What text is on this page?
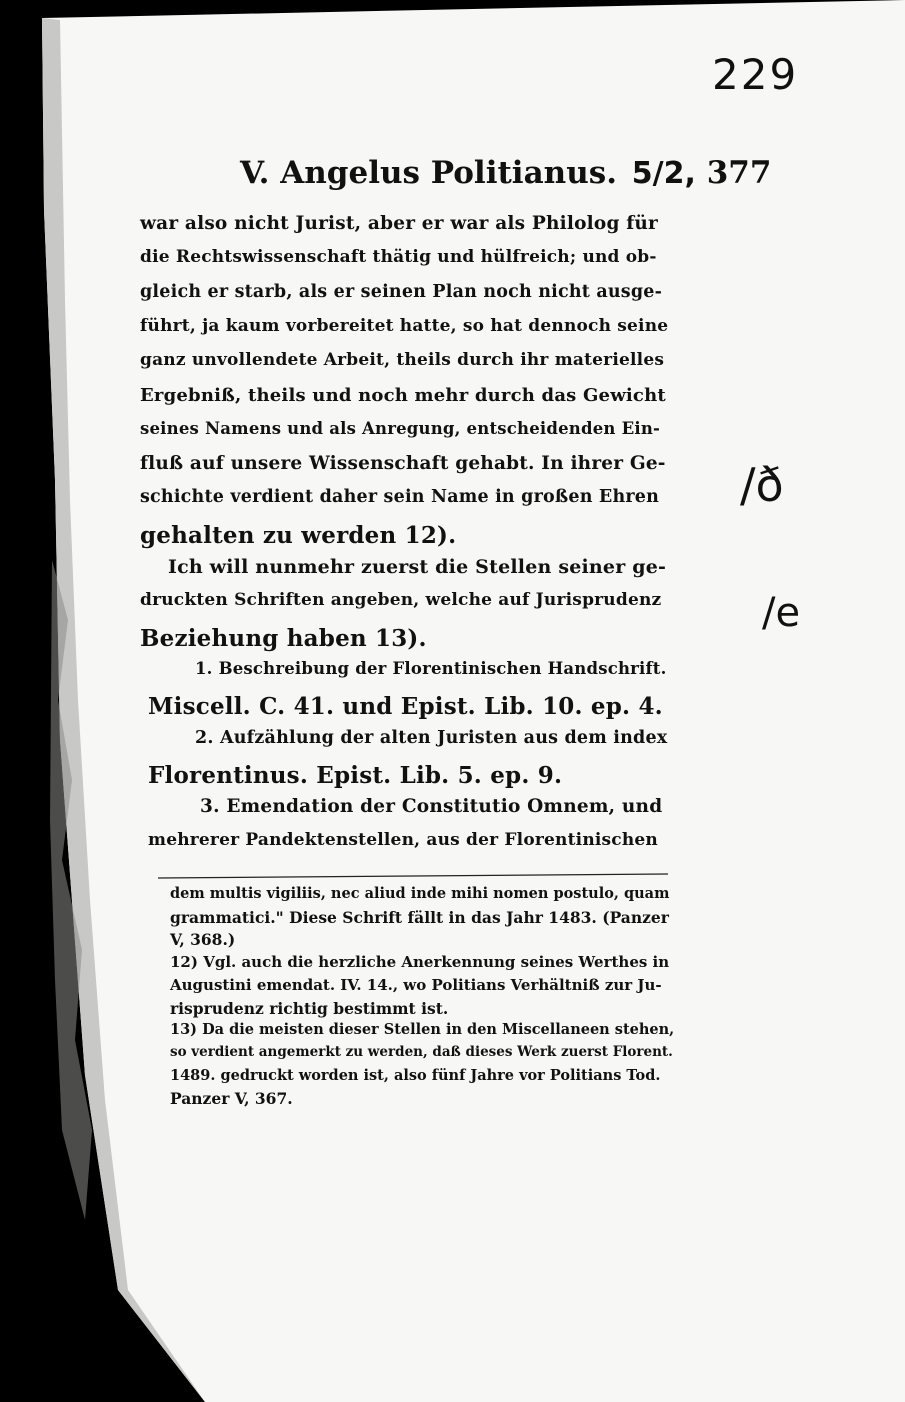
229
/ð
/e
V. Angelus Politianus. 5/2, 377
war also nicht Jurist, aber er war als Philolog für
die Rechtswissenschaft thätig und hülfreich; und ob-
gleich er starb, als er seinen Plan noch nicht ausge-
führt, ja kaum vorbereitet hatte, so hat dennoch seine
ganz unvollendete Arbeit, theils durch ihr materielles
Ergebniß, theils und noch mehr durch das Gewicht
seines Namens und als Anregung, entscheidenden Ein-
fluß auf unsere Wissenschaft gehabt. In ihrer Ge-
schichte verdient daher sein Name in großen Ehren
gehalten zu werden 12).
Ich will nunmehr zuerst die Stellen seiner ge-
druckten Schriften angeben, welche auf Jurisprudenz
Beziehung haben 13).
1. Beschreibung der Florentinischen Handschrift.
Miscell. C. 41. und Epist. Lib. 10. ep. 4.
2. Aufzählung der alten Juristen aus dem index
Florentinus. Epist. Lib. 5. ep. 9.
3. Emendation der Constitutio Omnem, und
mehrerer Pandektenstellen, aus der Florentinischen
dem multis vigiliis, nec aliud inde mihi nomen postulo, quam
grammatici." Diese Schrift fällt in das Jahr 1483. (Panzer
V, 368.)
12) Vgl. auch die herzliche Anerkennung seines Werthes in
Augustini emendat. IV. 14., wo Politians Verhältniß zur Ju-
risprudenz richtig bestimmt ist.
13) Da die meisten dieser Stellen in den Miscellaneen stehen,
so verdient angemerkt zu werden, daß dieses Werk zuerst Florent.
1489. gedruckt worden ist, also fünf Jahre vor Politians Tod.
Panzer V, 367.
